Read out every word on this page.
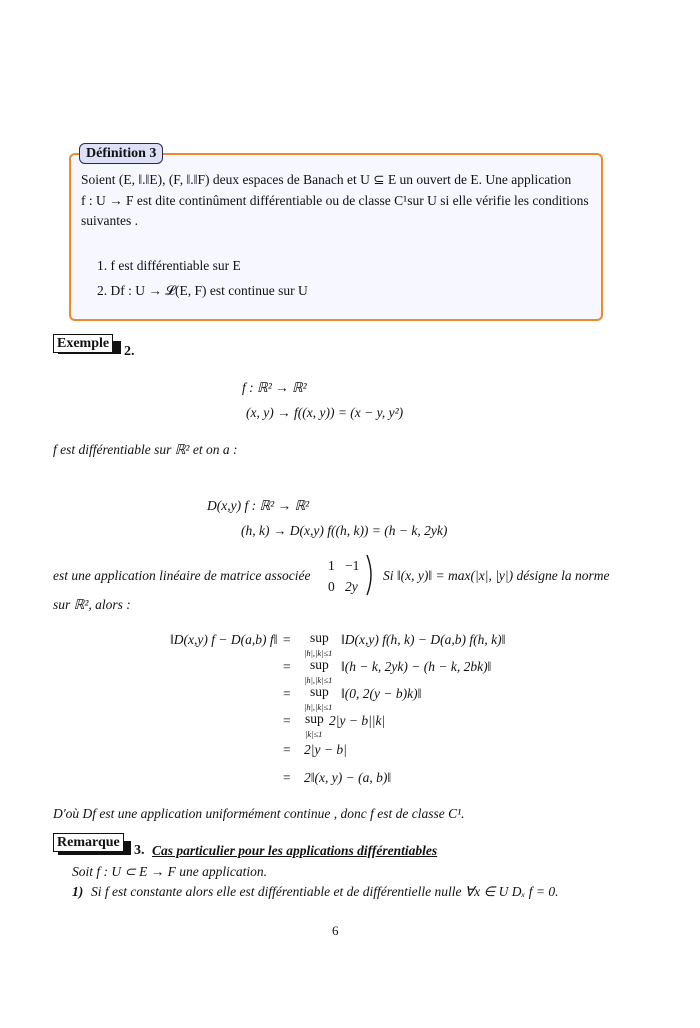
Définition 3
Soient (E, ‖.‖E), (F, ‖.‖F) deux espaces de Banach et U ⊆ E un ouvert de E. Une application
f : U → F est dite continûment différentiable ou de classe C¹sur U si elle vérifie les conditions
suivantes .
1. f est différentiable sur E
2. Df : U → 𝓛(E, F) est continue sur U
Exemple
2.
f : ℝ² → ℝ²
(x, y) → f((x, y)) = (x − y, y²)
f est différentiable sur ℝ² et on a :
D(x,y) f : ℝ² → ℝ²
(h, k) → D(x,y) f((h, k)) = (h − k, 2yk)
est une application linéaire de matrice associée
1 −1
0 2y
Si ‖(x, y)‖ = max(|x|, |y|) désigne la norme
sur ℝ², alors :
‖D(x,y) f − D(a,b) f‖ = sup
|h|,|k|≤1
‖D(x,y) f(h, k) − D(a,b) f(h, k)‖
= sup
|h|,|k|≤1
‖(h − k, 2yk) − (h − k, 2bk)‖
= sup
|h|,|k|≤1
‖(0, 2(y − b)k)‖
= sup
|k|≤1
2|y − b||k|
= 2|y − b|
= 2‖(x, y) − (a, b)‖
D'où Df est une application uniformément continue , donc f est de classe C¹.
Remarque
3. Cas particulier pour les applications différentiables
Soit f : U ⊂ E → F une application.
1) Si f est constante alors elle est différentiable et de différentielle nulle ∀x ∈ U Dₓ f = 0.
6
